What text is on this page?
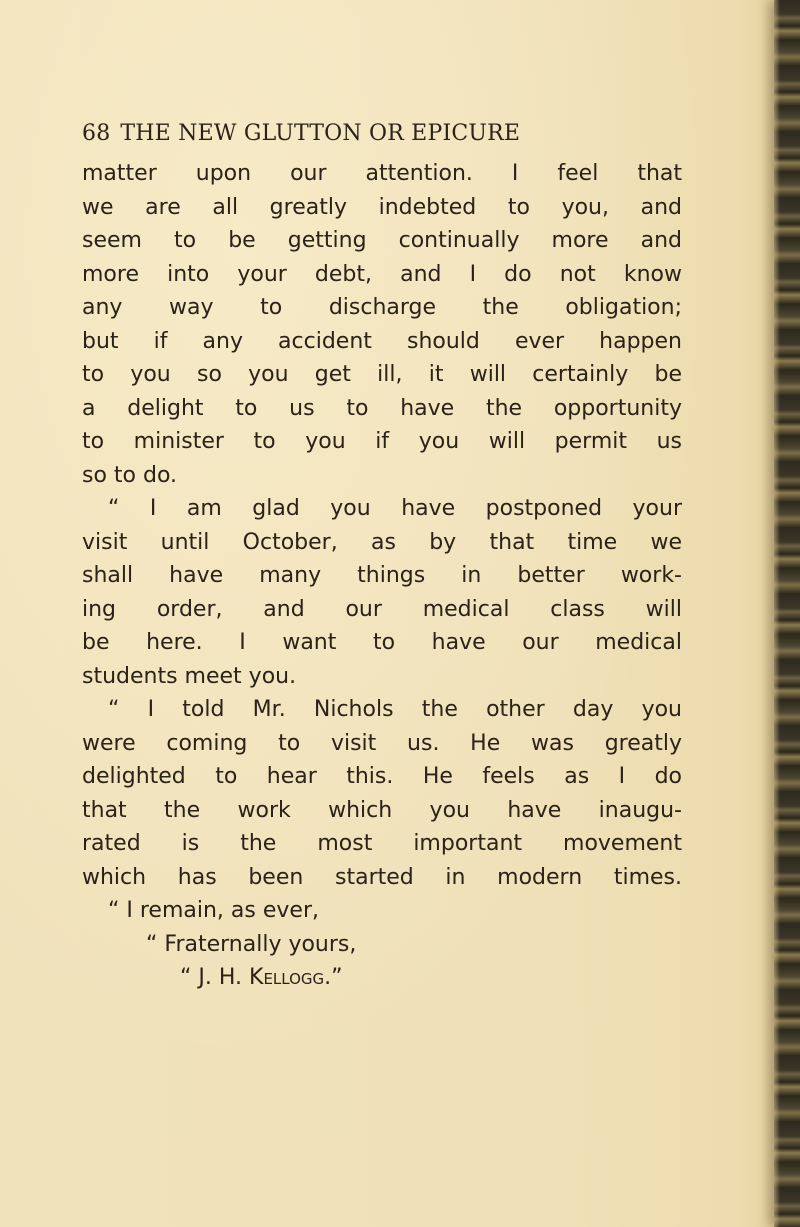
68 THE NEW GLUTTON OR EPICURE
matter upon our attention. I feel that
we are all greatly indebted to you, and
seem to be getting continually more and
more into your debt, and I do not know
any way to discharge the obligation;
but if any accident should ever happen
to you so you get ill, it will certainly be
a delight to us to have the opportunity
to minister to you if you will permit us
so to do.
“ I am glad you have postponed your
visit until October, as by that time we
shall have many things in better work-
ing order, and our medical class will
be here. I want to have our medical
students meet you.
“ I told Mr. Nichols the other day you
were coming to visit us. He was greatly
delighted to hear this. He feels as I do
that the work which you have inaugu-
rated is the most important movement
which has been started in modern times.
“ I remain, as ever,
“ Fraternally yours,
“ J. H. Kellogg.”
